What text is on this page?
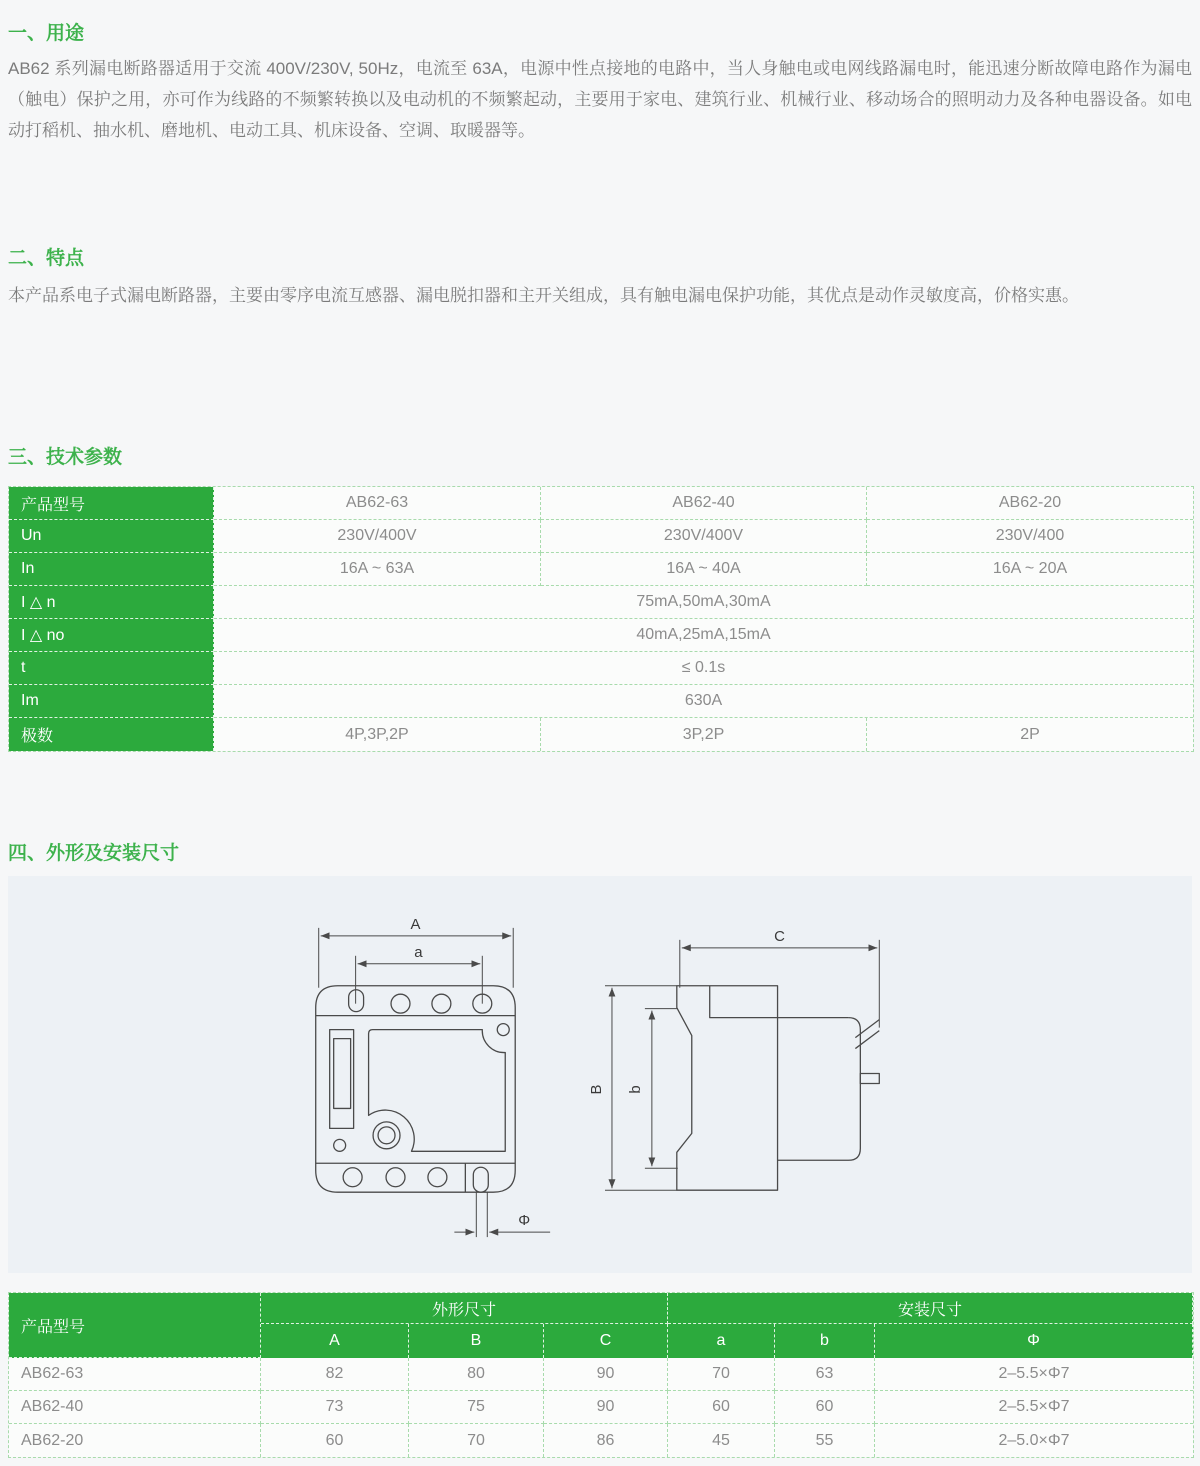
一、用途

AB62 系列漏电断路器适用于交流 400V/230V, 50Hz，电流至 63A，电源中性点接地的电路中，当人身触电或电网线路漏电时，能迅速分断故障电路作为漏电（触电）保护之用，亦可作为线路的不频繁转换以及电动机的不频繁起动，主要用于家电、建筑行业、机械行业、移动场合的照明动力及各种电器设备。如电动打稻机、抽水机、磨地机、电动工具、机床设备、空调、取暖器等。

二、特点

本产品系电子式漏电断路器，主要由零序电流互感器、漏电脱扣器和主开关组成，具有触电漏电保护功能，其优点是动作灵敏度高，价格实惠。

三、技术参数
产品型号	AB62-63	AB62-40	AB62-20
Un	230V/400V	230V/400V	230V/400
In	16A ~ 63A	16A ~ 40A	16A ~ 20A
I △ n	75mA,50mA,30mA		
I △ no	40mA,25mA,15mA		
t	≤ 0.1s		
Im	630A		
极数	4P,3P,2P	3P,2P	2P
四、外形及安装尺寸
A
a
Φ
C
B b
产品型号	外形尺寸			安装尺寸		
	A	B	C	a	b	Φ
AB62-63	82	80	90	70	63	2–5.5×Φ7
AB62-40	73	75	90	60	60	2–5.5×Φ7
AB62-20	60	70	86	45	55	2–5.0×Φ7
